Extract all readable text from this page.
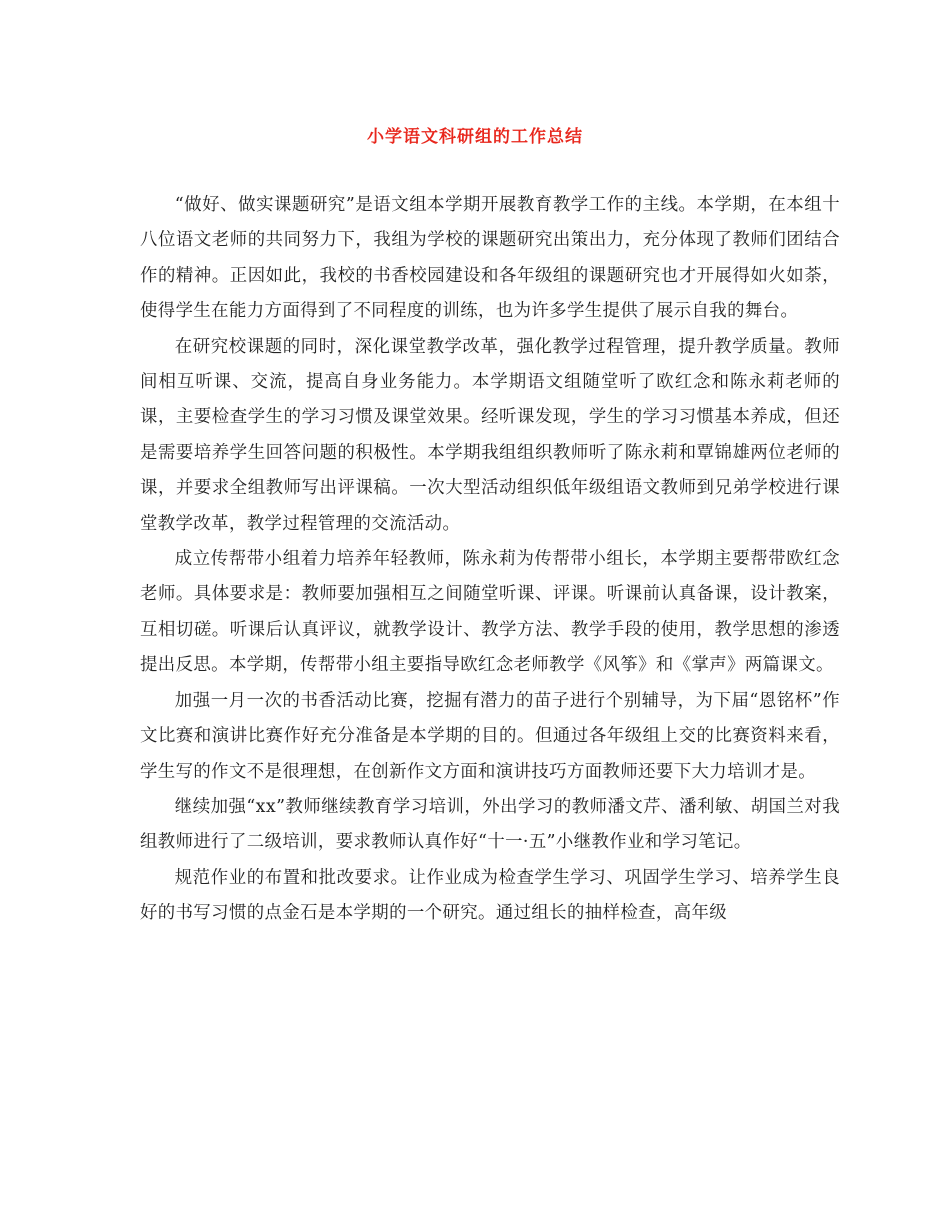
小学语文科研组的工作总结

“做好、做实课题研究”是语文组本学期开展教育教学工作的主线。本学期，在本组十八位语文老师的共同努力下，我组为学校的课题研究出策出力，充分体现了教师们团结合作的精神。正因如此，我校的书香校园建设和各年级组的课题研究也才开展得如火如荼，使得学生在能力方面得到了不同程度的训练，也为许多学生提供了展示自我的舞台。

在研究校课题的同时，深化课堂教学改革，强化教学过程管理，提升教学质量。教师间相互听课、交流，提高自身业务能力。本学期语文组随堂听了欧红念和陈永莉老师的课，主要检查学生的学习习惯及课堂效果。经听课发现，学生的学习习惯基本养成，但还是需要培养学生回答问题的积极性。本学期我组组织教师听了陈永莉和覃锦雄两位老师的课，并要求全组教师写出评课稿。一次大型活动组织低年级组语文教师到兄弟学校进行课堂教学改革，教学过程管理的交流活动。

成立传帮带小组着力培养年轻教师，陈永莉为传帮带小组长，本学期主要帮带欧红念老师。具体要求是：教师要加强相互之间随堂听课、评课。听课前认真备课，设计教案，互相切磋。听课后认真评议，就教学设计、教学方法、教学手段的使用，教学思想的渗透提出反思。本学期，传帮带小组主要指导欧红念老师教学《风筝》和《掌声》两篇课文。

加强一月一次的书香活动比赛，挖掘有潜力的苗子进行个别辅导，为下届“恩铭杯”作文比赛和演讲比赛作好充分准备是本学期的目的。但通过各年级组上交的比赛资料来看，学生写的作文不是很理想，在创新作文方面和演讲技巧方面教师还要下大力培训才是。

继续加强“xx”教师继续教育学习培训，外出学习的教师潘文芹、潘利敏、胡国兰对我组教师进行了二级培训，要求教师认真作好“十一·五”小继教作业和学习笔记。

规范作业的布置和批改要求。让作业成为检查学生学习、巩固学生学习、培养学生良好的书写习惯的点金石是本学期的一个研究。通过组长的抽样检查，高年级
